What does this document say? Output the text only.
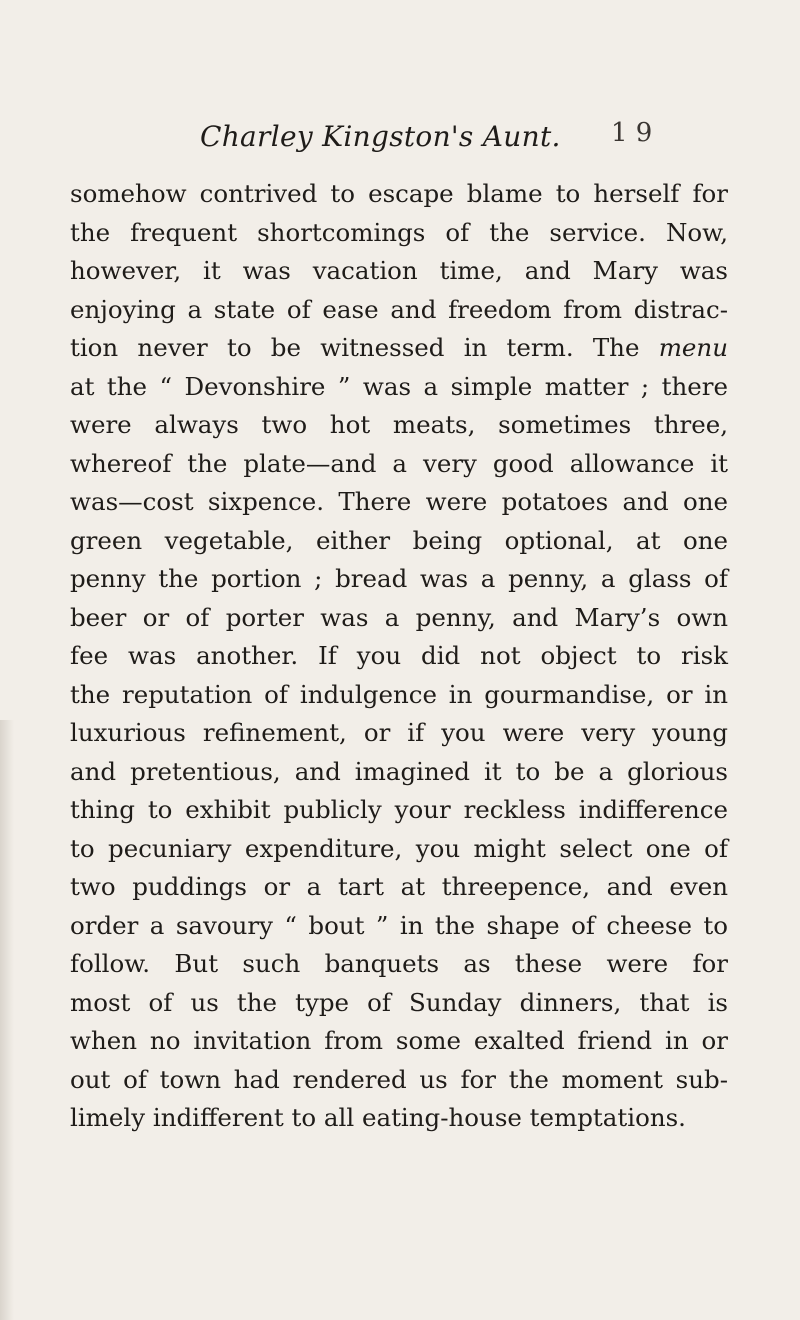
Charley Kingston's Aunt. 1 9
somehow contrived to escape blame to herself for
the frequent shortcomings of the service. Now,
however, it was vacation time, and Mary was
enjoying a state of ease and freedom from distrac-
tion never to be witnessed in term. The menu
at the “ Devonshire ” was a simple matter ; there
were always two hot meats, sometimes three,
whereof the plate—and a very good allowance it
was—cost sixpence. There were potatoes and one
green vegetable, either being optional, at one
penny the portion ; bread was a penny, a glass of
beer or of porter was a penny, and Mary’s own
fee was another. If you did not object to risk
the reputation of indulgence in gourmandise, or in
luxurious refinement, or if you were very young
and pretentious, and imagined it to be a glorious
thing to exhibit publicly your reckless indifference
to pecuniary expenditure, you might select one of
two puddings or a tart at threepence, and even
order a savoury “ bout ” in the shape of cheese to
follow. But such banquets as these were for
most of us the type of Sunday dinners, that is
when no invitation from some exalted friend in or
out of town had rendered us for the moment sub-
limely indifferent to all eating-house temptations.
